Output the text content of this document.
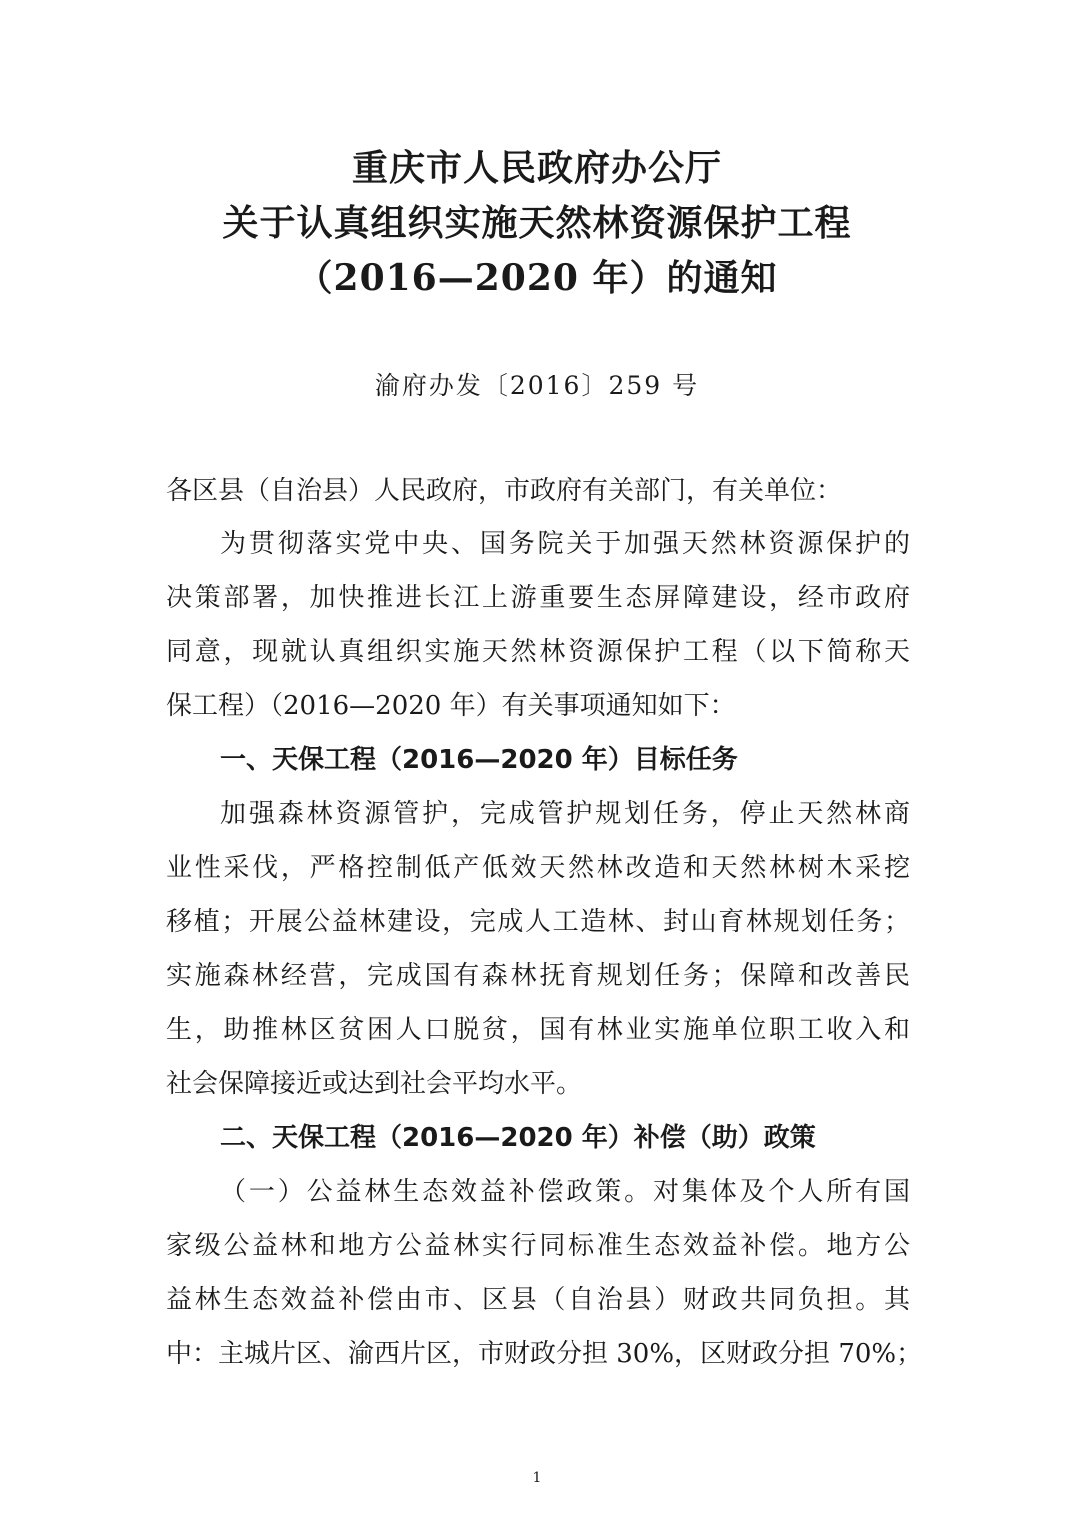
重庆市人民政府办公厅
关于认真组织实施天然林资源保护工程
（2016—2020 年）的通知
渝府办发〔2016〕259 号
各区县（自治县）人民政府，市政府有关部门，有关单位：
为贯彻落实党中央、国务院关于加强天然林资源保护的
决策部署，加快推进长江上游重要生态屏障建设，经市政府
同意，现就认真组织实施天然林资源保护工程（以下简称天
保工程）（2016—2020 年）有关事项通知如下：
一、天保工程（2016—2020 年）目标任务
加强森林资源管护，完成管护规划任务，停止天然林商
业性采伐，严格控制低产低效天然林改造和天然林树木采挖
移植；开展公益林建设，完成人工造林、封山育林规划任务；
实施森林经营，完成国有森林抚育规划任务；保障和改善民
生，助推林区贫困人口脱贫，国有林业实施单位职工收入和
社会保障接近或达到社会平均水平。
二、天保工程（2016—2020 年）补偿（助）政策
（一）公益林生态效益补偿政策。对集体及个人所有国
家级公益林和地方公益林实行同标准生态效益补偿。地方公
益林生态效益补偿由市、区县（自治县）财政共同负担。其
中：主城片区、渝西片区，市财政分担 30%，区财政分担 70%；
1
